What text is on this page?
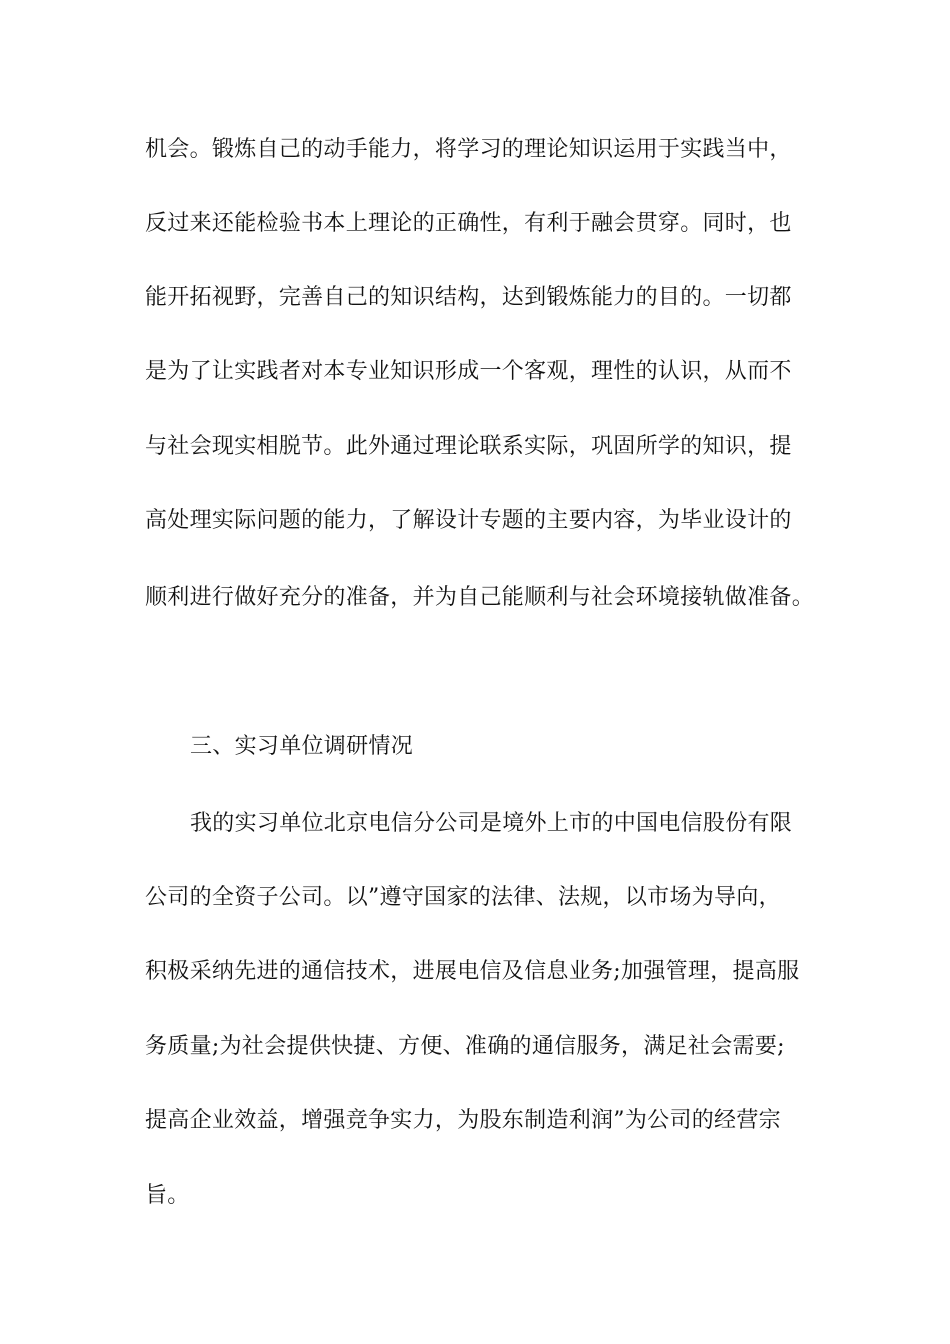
机会。锻炼自己的动手能力，将学习的理论知识运用于实践当中，
反过来还能检验书本上理论的正确性，有利于融会贯穿。同时，也
能开拓视野，完善自己的知识结构，达到锻炼能力的目的。一切都
是为了让实践者对本专业知识形成一个客观，理性的认识，从而不
与社会现实相脱节。此外通过理论联系实际，巩固所学的知识，提
高处理实际问题的能力，了解设计专题的主要内容，为毕业设计的
顺利进行做好充分的准备，并为自己能顺利与社会环境接轨做准备。
三、实习单位调研情况
我的实习单位北京电信分公司是境外上市的中国电信股份有限
公司的全资子公司。以”遵守国家的法律、法规，以市场为导向，
积极采纳先进的通信技术，进展电信及信息业务;加强管理，提高服
务质量;为社会提供快捷、方便、准确的通信服务，满足社会需要;
提高企业效益，增强竞争实力，为股东制造利润”为公司的经营宗
旨。
